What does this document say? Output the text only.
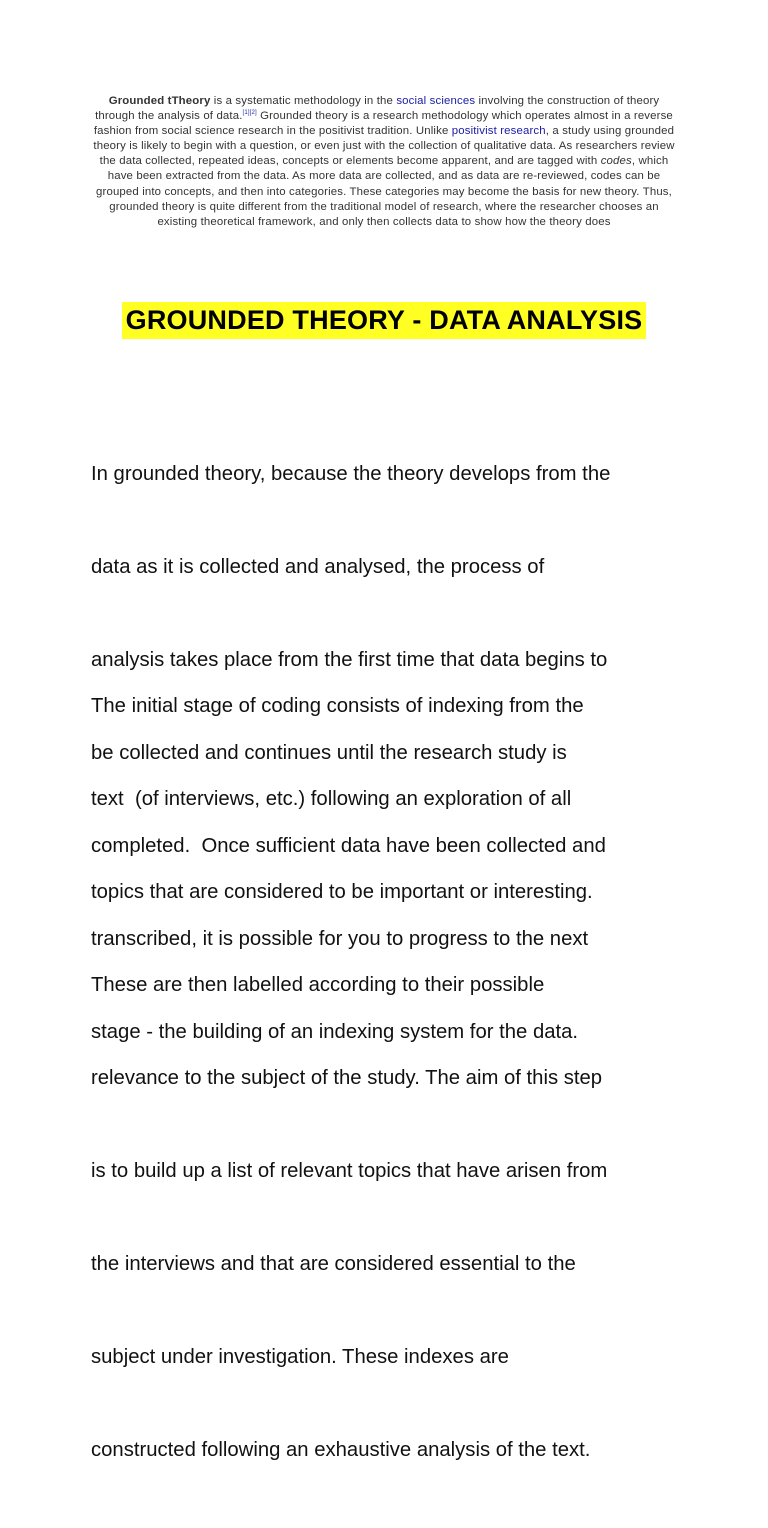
Grounded tTheory is a systematic methodology in the social sciences involving the construction of theory through the analysis of data.[1][2] Grounded theory is a research methodology which operates almost in a reverse fashion from social science research in the positivist tradition. Unlike positivist research, a study using grounded theory is likely to begin with a question, or even just with the collection of qualitative data. As researchers review the data collected, repeated ideas, concepts or elements become apparent, and are tagged with codes, which have been extracted from the data. As more data are collected, and as data are re-reviewed, codes can be grouped into concepts, and then into categories. These categories may become the basis for new theory. Thus, grounded theory is quite different from the traditional model of research, where the researcher chooses an existing theoretical framework, and only then collects data to show how the theory does
GROUNDED THEORY - DATA ANALYSIS

In grounded theory, because the theory develops from the

data as it is collected and analysed, the process of

analysis takes place from the first time that data begins to

be collected and continues until the research study is

completed.  Once sufficient data have been collected and

transcribed, it is possible for you to progress to the next

stage - the building of an indexing system for the data.

The initial stage of coding consists of indexing from the

text  (of interviews, etc.) following an exploration of all

topics that are considered to be important or interesting.

These are then labelled according to their possible

relevance to the subject of the study. The aim of this step

is to build up a list of relevant topics that have arisen from

the interviews and that are considered essential to the

subject under investigation. These indexes are

constructed following an exhaustive analysis of the text.
